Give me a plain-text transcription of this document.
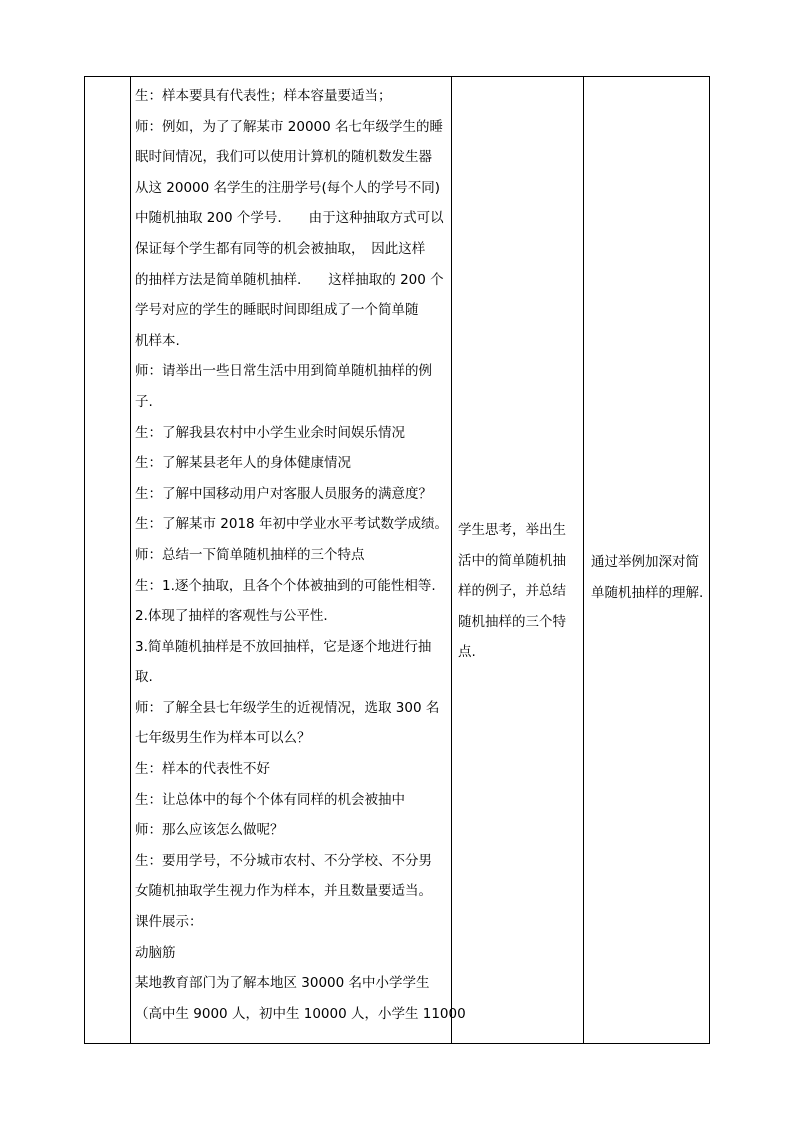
生：样本要具有代表性；样本容量要适当；

师：例如，为了了解某市 20000 名七年级学生的睡

眠时间情况，我们可以使用计算机的随机数发生器

从这 20000 名学生的注册学号(每个人的学号不同)

中随机抽取 200 个学号.　　由于这种抽取方式可以

保证每个学生都有同等的机会被抽取，　因此这样

的抽样方法是简单随机抽样.　　这样抽取的 200 个

学号对应的学生的睡眠时间即组成了一个简单随

机样本.

师：请举出一些日常生活中用到简单随机抽样的例

子.

生：了解我县农村中小学生业余时间娱乐情况

生：了解某县老年人的身体健康情况

生：了解中国移动用户对客服人员服务的满意度？

生：了解某市 2018 年初中学业水平考试数学成绩。

师：总结一下简单随机抽样的三个特点

生：1.逐个抽取，且各个个体被抽到的可能性相等.

2.体现了抽样的客观性与公平性.

3.简单随机抽样是不放回抽样，它是逐个地进行抽

取.

师：了解全县七年级学生的近视情况，选取 300 名

七年级男生作为样本可以么？

生：样本的代表性不好

生：让总体中的每个个体有同样的机会被抽中

师：那么应该怎么做呢？

生：要用学号，不分城市农村、不分学校、不分男

女随机抽取学生视力作为样本，并且数量要适当。

课件展示：

动脑筋

某地教育部门为了解本地区 30000 名中小学学生

（高中生 9000 人，初中生 10000 人，小学生 11000

学生思考，举出生

活中的简单随机抽

样的例子，并总结

随机抽样的三个特

点.

通过举例加深对简

单随机抽样的理解.
